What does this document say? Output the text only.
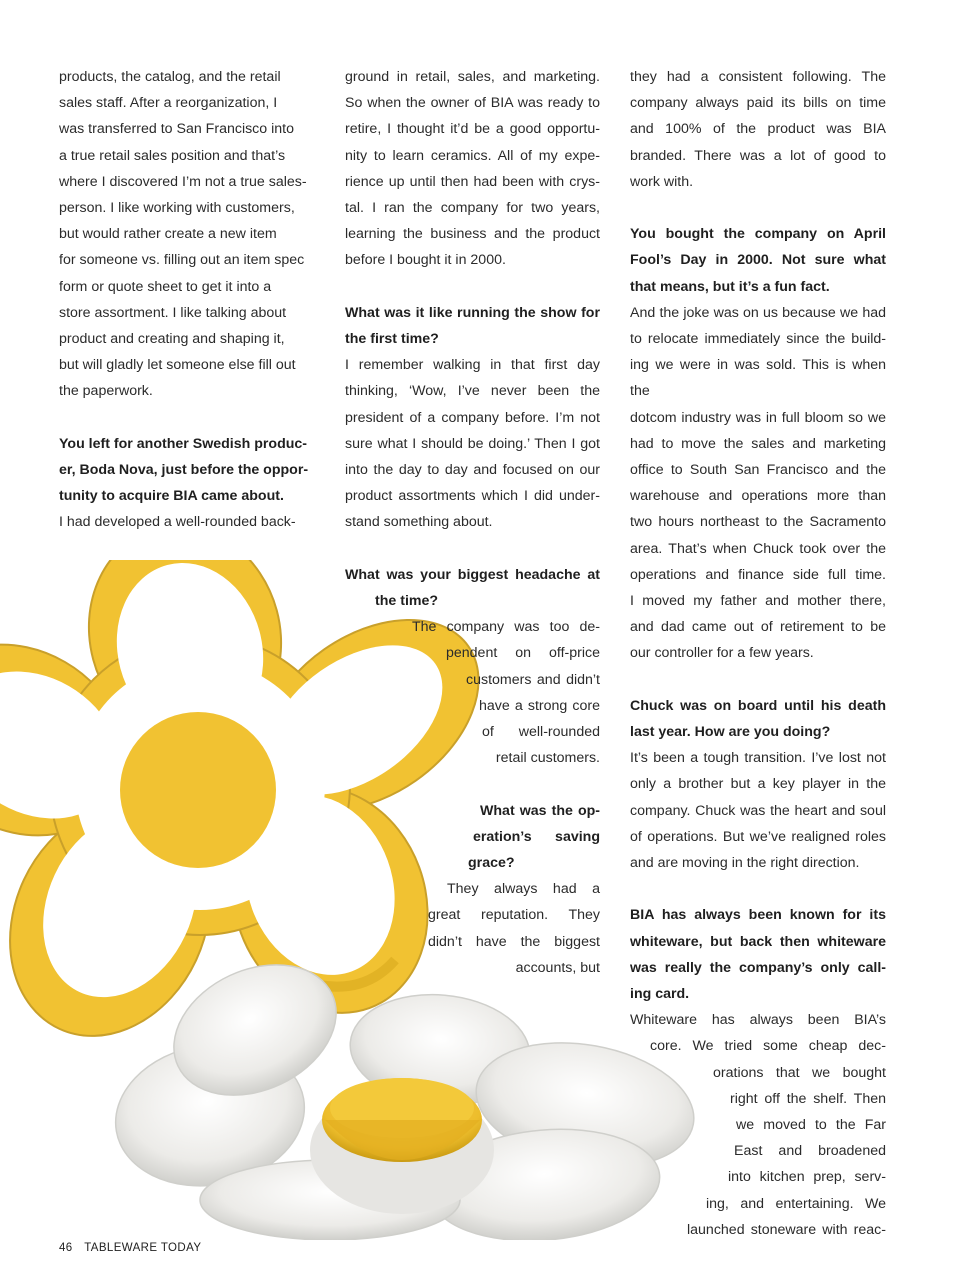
products, the catalog, and the retail
sales staff. After a reorganization, I
was transferred to San Francisco into
a true retail sales position and that’s
where I discovered I’m not a true sales-
person. I like working with customers,
but would rather create a new item
for someone vs. filling out an item spec
form or quote sheet to get it into a
store assortment. I like talking about
product and creating and shaping it,
but will gladly let someone else fill out
the paperwork.

You left for another Swedish produc-
er, Boda Nova, just before the oppor-
tunity to acquire BIA came about.

I had developed a well-rounded back-

ground in retail, sales, and marketing.
So when the owner of BIA was ready to
retire, I thought it’d be a good opportu-
nity to learn ceramics. All of my expe-
rience up until then had been with crys-
tal. I ran the company for two years,
learning the business and the product
before I bought it in 2000.

What was it like running the show for
the first time?

I remember walking in that first day
thinking, ‘Wow, I’ve never been the
president of a company before. I’m not
sure what I should be doing.’ Then I got
into the day to day and focused on our
product assortments which I did under-
stand something about.

What was your biggest headache at
the time?

The company was too de-
pendent on off-price
customers and didn’t
have a strong core
of well-rounded
retail customers.

What was the op-
eration’s saving
grace?

They always had a
great reputation. They
didn’t have the biggest
accounts, but

they had a consistent following. The
company always paid its bills on time
and 100% of the product was BIA
branded. There was a lot of good to
work with.

You bought the company on April
Fool’s Day in 2000. Not sure what
that means, but it’s a fun fact.

And the joke was on us because we had
to relocate immediately since the build-
ing we were in was sold. This is when the
dotcom industry was in full bloom so we
had to move the sales and marketing
office to South San Francisco and the
warehouse and operations more than
two hours northeast to the Sacramento
area. That’s when Chuck took over the
operations and finance side full time.
I moved my father and mother there,
and dad came out of retirement to be
our controller for a few years.

Chuck was on board until his death
last year. How are you doing?

It’s been a tough transition. I’ve lost not
only a brother but a key player in the
company. Chuck was the heart and soul
of operations. But we’ve realigned roles
and are moving in the right direction.

BIA has always been known for its
whiteware, but back then whiteware
was really the company’s only call-
ing card.

Whiteware has always been BIA’s
core. We tried some cheap dec-
orations that we bought
right off the shelf. Then
we moved to the Far
East and broadened
into kitchen prep, serv-
ing, and entertaining. We
launched stoneware with reac-

46 TABLEWARE TODAY
